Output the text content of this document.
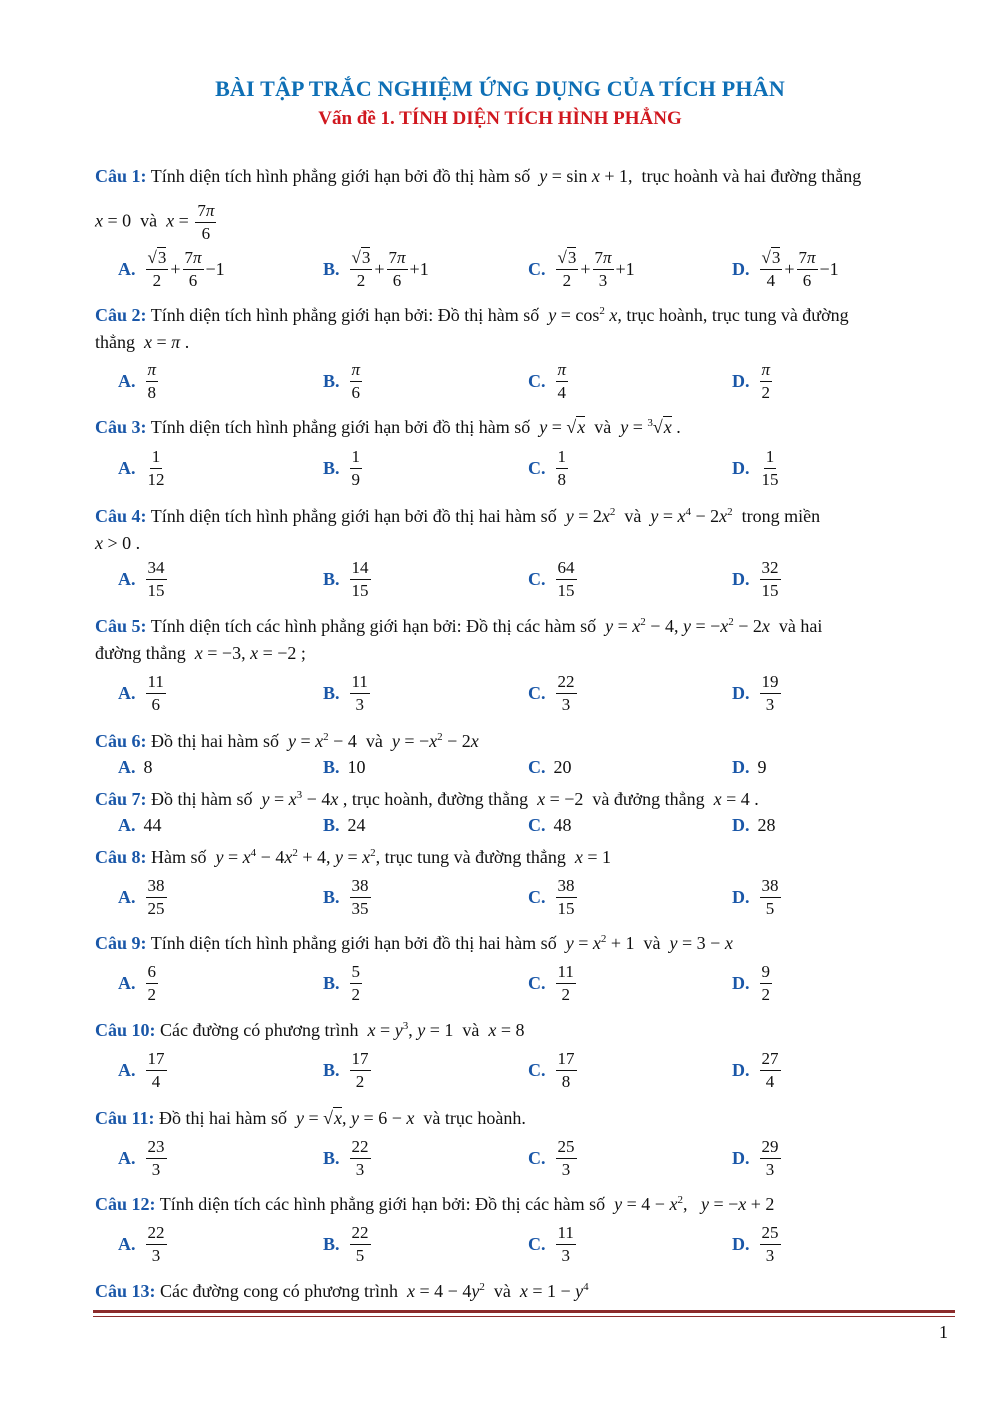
BÀI TẬP TRẮC NGHIỆM ỨNG DỤNG CỦA TÍCH PHÂN
Vấn đề 1. TÍNH DIỆN TÍCH HÌNH PHẲNG
Câu 1: Tính diện tích hình phẳng giới hạn bởi đồ thị hàm số y = sin x + 1,  trục hoành và hai đường thẳng
x = 0  và $x = \frac{7\pi}{6}$
A. $\frac{√3}{2} + \frac{7\pi}{6} -1$	B. $\frac{√3}{2} + \frac{7\pi}{6} +1$	C. $\frac{√3}{2} + \frac{7\pi}{3} +1$	D. $\frac{√3}{4} + \frac{7\pi}{6} -1$
Câu 2: Tính diện tích hình phẳng giới hạn bởi: Đồ thị hàm số $y = \cos^2 x$, trục hoành, trục tung và đường
thẳng x = π .
A. $\frac{\pi}{8}$	B. $\frac{\pi}{6}$	C. $\frac{\pi}{4}$	D. $\frac{\pi}{2}$
Câu 3: Tính diện tích hình phẳng giới hạn bởi đồ thị hàm số y = √x và y = $^3$√x .
A. $\frac{1}{12}$	B. $\frac{1}{9}$	C. $\frac{1}{8}$	D. $\frac{1}{15}$
Câu 4: Tính diện tích hình phẳng giới hạn bởi đồ thị hai hàm số $y = 2x^2$ và $y = x^4 - 2x^2$ trong miền
x > 0 .
A. $\frac{34}{15}$	B. $\frac{14}{15}$	C. $\frac{64}{15}$	D. $\frac{32}{15}$
Câu 5: Tính diện tích các hình phẳng giới hạn bởi: Đồ thị các hàm số $y = x^2 - 4$, $y = -x^2 - 2x$ và hai
đường thẳng x = −3, x = −2 ;
A. $\frac{11}{6}$	B. $\frac{11}{3}$	C. $\frac{22}{3}$	D. $\frac{19}{3}$
Câu 6: Đồ thị hai hàm số $y = x^2 - 4$  và $y = -x^2 - 2x$
A. 8	B. 10	C. 20	D. 9
Câu 7: Đồ thị hàm số $y = x^3 - 4x$ , trục hoành, đường thẳng x = −2  và đưởng thẳng x = 4 .
A. 44	B. 24	C. 48	D. 28
Câu 8: Hàm số $y = x^4 - 4x^2 + 4$, $y = x^2$, trục tung và đường thẳng x = 1
A. $\frac{38}{25}$	B. $\frac{38}{35}$	C. $\frac{38}{15}$	D. $\frac{38}{5}$
Câu 9: Tính diện tích hình phẳng giới hạn bởi đồ thị hai hàm số $y = x^2 + 1$  và y = 3 − x
A. $\frac{6}{2}$	B. $\frac{5}{2}$	C. $\frac{11}{2}$	D. $\frac{9}{2}$
Câu 10: Các đường có phương trình $x = y^3$, y = 1  và x = 8
A. $\frac{17}{4}$	B. $\frac{17}{2}$	C. $\frac{17}{8}$	D. $\frac{27}{4}$
Câu 11: Đồ thị hai hàm số y = √x, y = 6 − x và trục hoành.
A. $\frac{23}{3}$	B. $\frac{22}{3}$	C. $\frac{25}{3}$	D. $\frac{29}{3}$
Câu 12: Tính diện tích các hình phẳng giới hạn bởi: Đồ thị các hàm số $y = 4 - x^2$,   y = −x + 2
A. $\frac{22}{3}$	B. $\frac{22}{5}$	C. $\frac{11}{3}$	D. $\frac{25}{3}$
Câu 13: Các đường cong có phương trình $x = 4 - 4y^2$ và $x = 1 - y^4$
1
